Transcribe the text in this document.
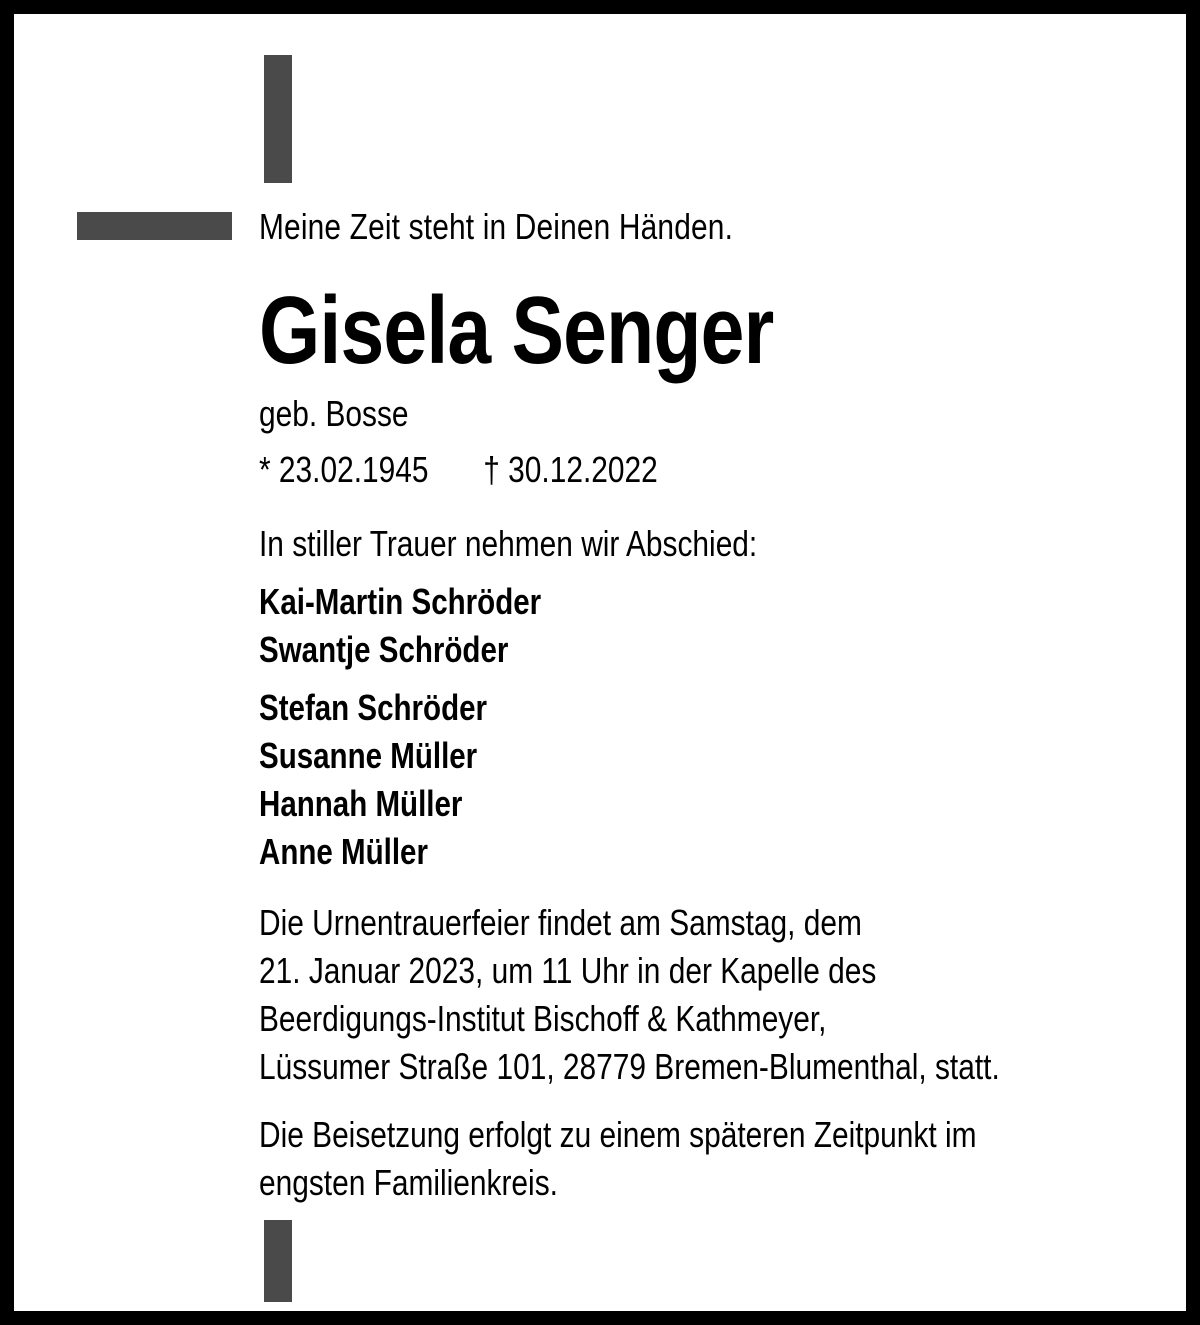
Meine Zeit steht in Deinen Händen.

Gisela Senger

geb. Bosse

* 23.02.1945 † 30.12.2022

In stiller Trauer nehmen wir Abschied:

Kai-Martin Schröder
Swantje Schröder
Stefan Schröder
Susanne Müller
Hannah Müller
Anne Müller
Die Urnentrauerfeier findet am Samstag, dem
21. Januar 2023, um 11 Uhr in der Kapelle des
Beerdigungs-Institut Bischoff & Kathmeyer,
Lüssumer Straße 101, 28779 Bremen-Blumenthal, statt.
Die Beisetzung erfolgt zu einem späteren Zeitpunkt im
engsten Familienkreis.
